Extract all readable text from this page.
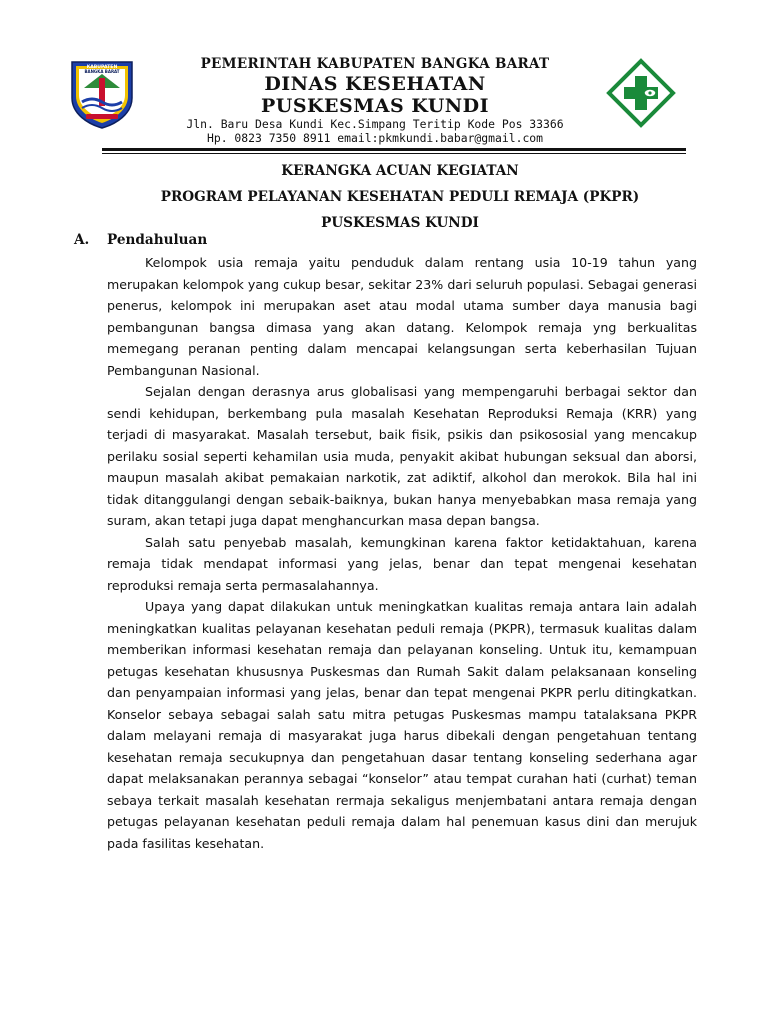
KABUPATEN
BANGKA BARAT	PEMERINTAH KABUPATEN BANGKA BARAT
DINAS KESEHATAN
PUSKESMAS KUNDI
Jln. Baru Desa Kundi Kec.Simpang Teritip Kode Pos 33366
Hp. 0823 7350 8911 email:pkmkundi.babar@gmail.com
KERANGKA ACUAN KEGIATAN
PROGRAM PELAYANAN KESEHATAN PEDULI REMAJA (PKPR)
PUSKESMAS KUNDI
A. Pendahuluan

Kelompok usia remaja yaitu penduduk dalam rentang usia 10-19 tahun yang merupakan kelompok yang cukup besar, sekitar 23% dari seluruh populasi. Sebagai generasi penerus, kelompok ini merupakan aset atau modal utama sumber daya manusia bagi pembangunan bangsa dimasa yang akan datang. Kelompok remaja yng berkualitas memegang peranan penting dalam mencapai kelangsungan serta keberhasilan Tujuan Pembangunan Nasional.

Sejalan dengan derasnya arus globalisasi yang mempengaruhi berbagai sektor dan sendi kehidupan, berkembang pula masalah Kesehatan Reproduksi Remaja (KRR) yang terjadi di masyarakat. Masalah tersebut, baik fisik, psikis dan psikososial yang mencakup perilaku sosial seperti kehamilan usia muda, penyakit akibat hubungan seksual dan aborsi, maupun masalah akibat pemakaian narkotik, zat adiktif, alkohol dan merokok. Bila hal ini tidak ditanggulangi dengan sebaik-baiknya, bukan hanya menyebabkan masa remaja yang suram, akan tetapi juga dapat menghancurkan masa depan bangsa.

Salah satu penyebab masalah, kemungkinan karena faktor ketidaktahuan, karena remaja tidak mendapat informasi yang jelas, benar dan tepat mengenai kesehatan reproduksi remaja serta permasalahannya.

Upaya yang dapat dilakukan untuk meningkatkan kualitas remaja antara lain adalah meningkatkan kualitas pelayanan kesehatan peduli remaja (PKPR), termasuk kualitas dalam memberikan informasi kesehatan remaja dan pelayanan konseling. Untuk itu, kemampuan petugas kesehatan khususnya Puskesmas dan Rumah Sakit dalam pelaksanaan konseling dan penyampaian informasi yang jelas, benar dan tepat mengenai PKPR perlu ditingkatkan. Konselor sebaya sebagai salah satu mitra petugas Puskesmas mampu tatalaksana PKPR dalam melayani remaja di masyarakat juga harus dibekali dengan pengetahuan tentang kesehatan remaja secukupnya dan pengetahuan dasar tentang konseling sederhana agar dapat melaksanakan perannya sebagai “konselor” atau tempat curahan hati (curhat) teman sebaya terkait masalah kesehatan rermaja sekaligus menjembatani antara remaja dengan petugas pelayanan kesehatan peduli remaja dalam hal penemuan kasus dini dan merujuk pada fasilitas kesehatan.
